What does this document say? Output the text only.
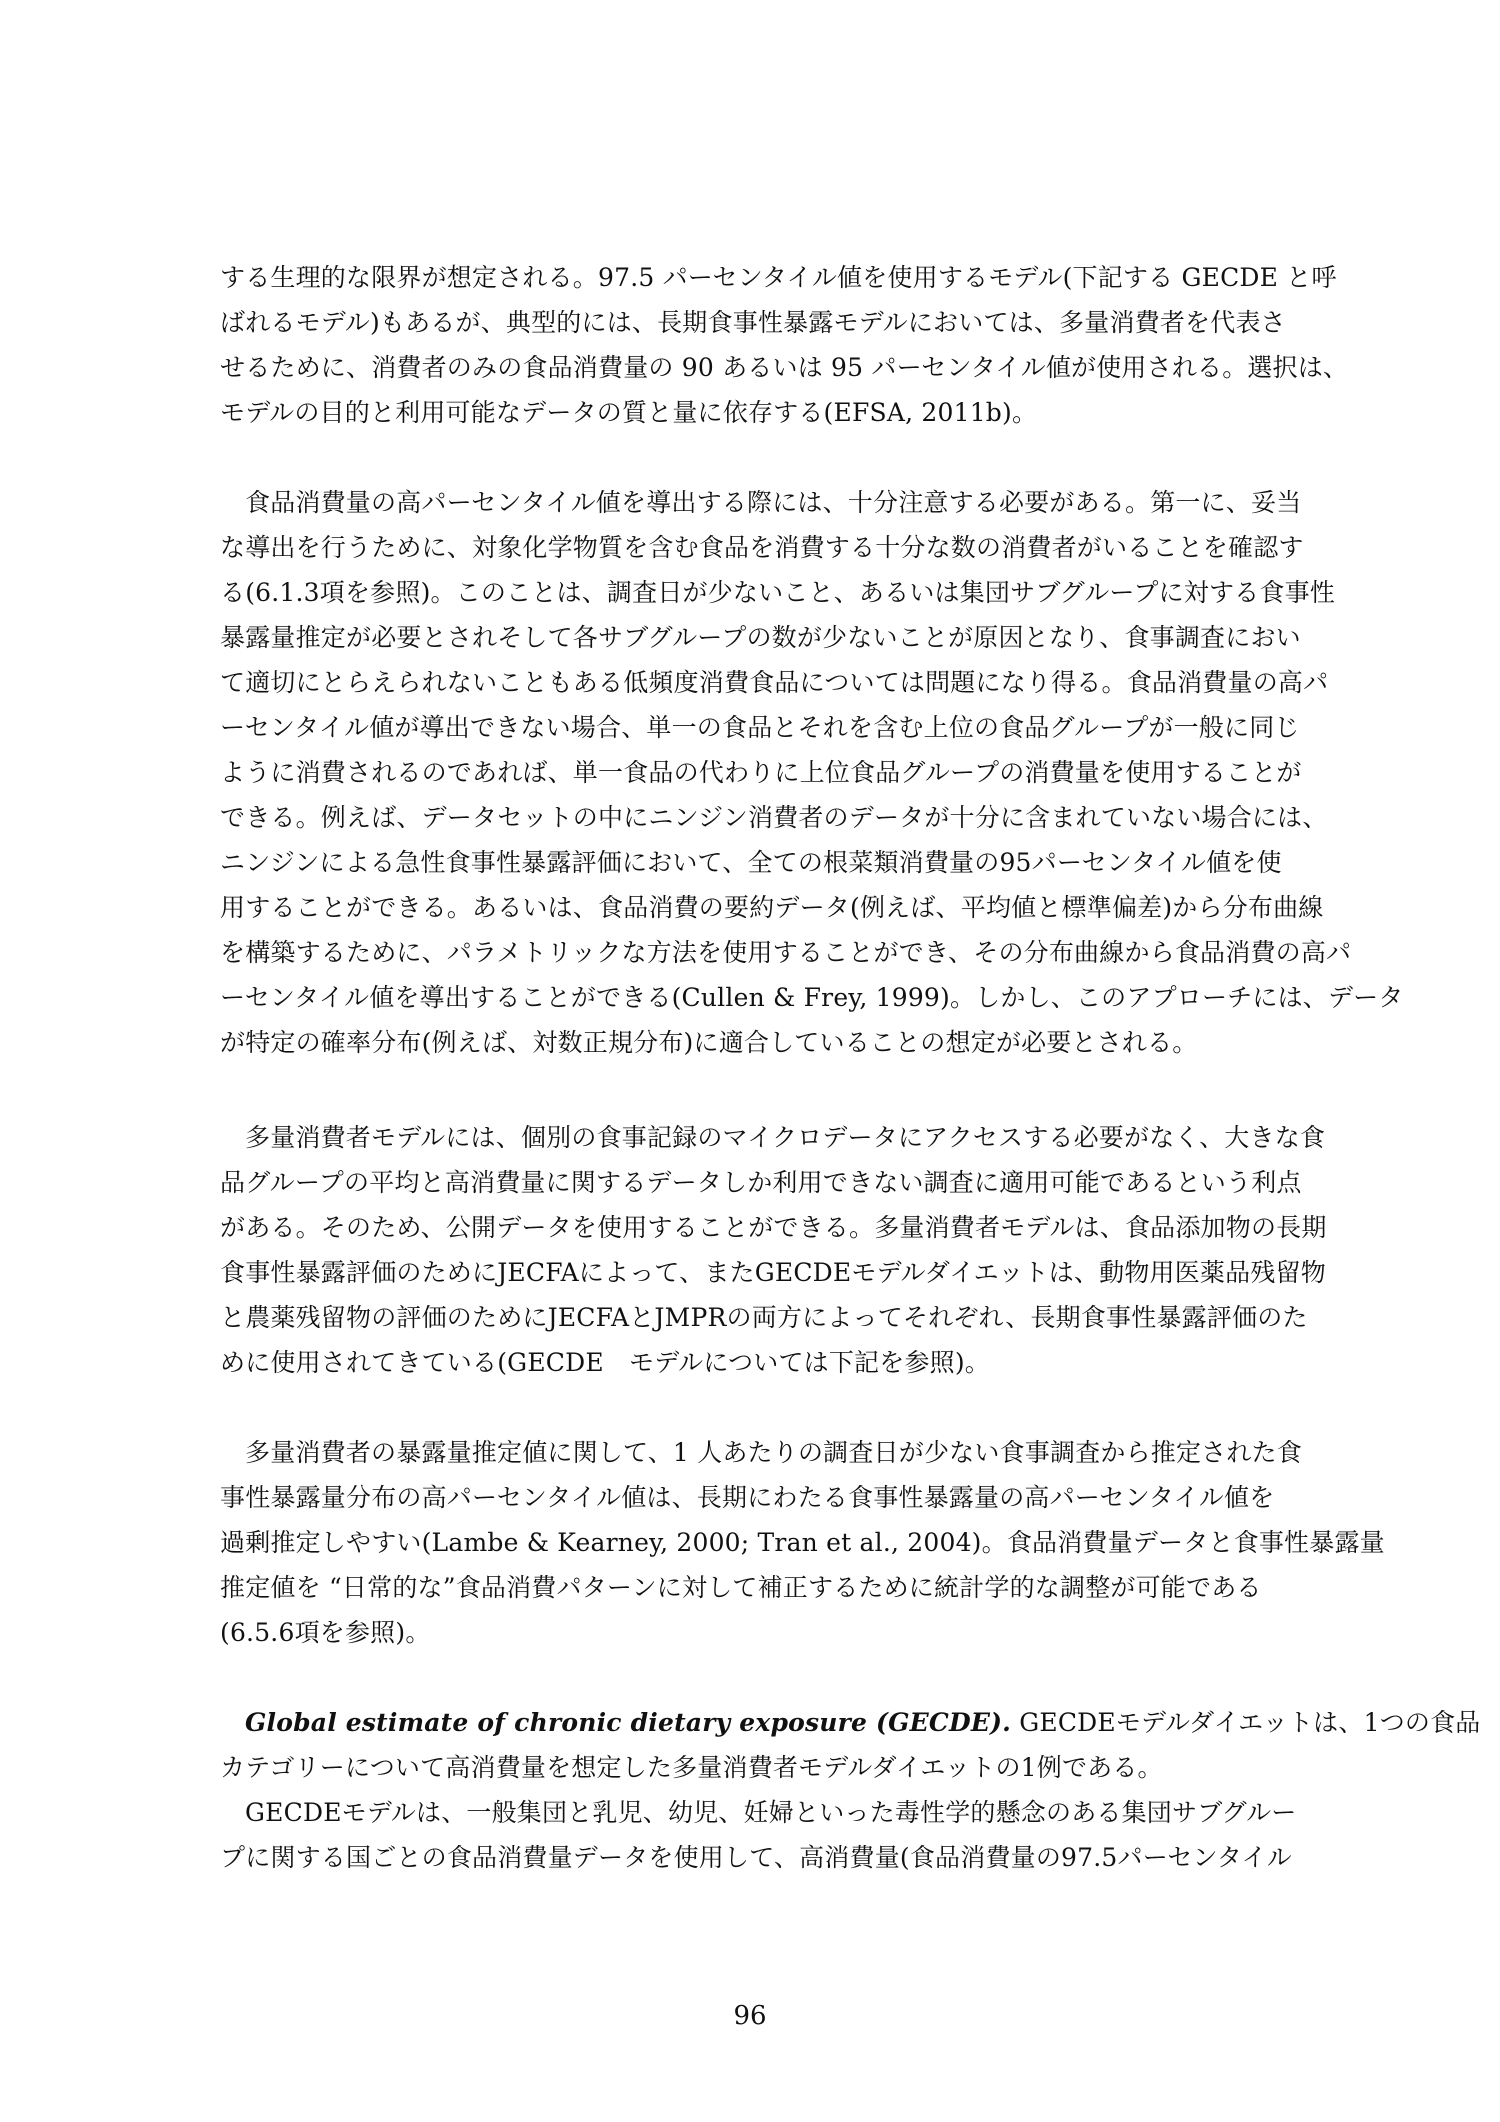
する生理的な限界が想定される。97.5 パーセンタイル値を使用するモデル(下記する GECDE と呼
ばれるモデル)もあるが、典型的には、長期食事性暴露モデルにおいては、多量消費者を代表さ
せるために、消費者のみの食品消費量の 90 あるいは 95 パーセンタイル値が使用される。選択は、
モデルの目的と利用可能なデータの質と量に依存する(EFSA, 2011b)。
食品消費量の高パーセンタイル値を導出する際には、十分注意する必要がある。第一に、妥当
な導出を行うために、対象化学物質を含む食品を消費する十分な数の消費者がいることを確認す
る(6.1.3項を参照)。このことは、調査日が少ないこと、あるいは集団サブグループに対する食事性
暴露量推定が必要とされそして各サブグループの数が少ないことが原因となり、食事調査におい
て適切にとらえられないこともある低頻度消費食品については問題になり得る。食品消費量の高パ
ーセンタイル値が導出できない場合、単一の食品とそれを含む上位の食品グループが一般に同じ
ように消費されるのであれば、単一食品の代わりに上位食品グループの消費量を使用することが
できる。例えば、データセットの中にニンジン消費者のデータが十分に含まれていない場合には、
ニンジンによる急性食事性暴露評価において、全ての根菜類消費量の95パーセンタイル値を使
用することができる。あるいは、食品消費の要約データ(例えば、平均値と標準偏差)から分布曲線
を構築するために、パラメトリックな方法を使用することができ、その分布曲線から食品消費の高パ
ーセンタイル値を導出することができる(Cullen & Frey, 1999)。しかし、このアプローチには、データ
が特定の確率分布(例えば、対数正規分布)に適合していることの想定が必要とされる。
多量消費者モデルには、個別の食事記録のマイクロデータにアクセスする必要がなく、大きな食
品グループの平均と高消費量に関するデータしか利用できない調査に適用可能であるという利点
がある。そのため、公開データを使用することができる。多量消費者モデルは、食品添加物の長期
食事性暴露評価のためにJECFAによって、またGECDEモデルダイエットは、動物用医薬品残留物
と農薬残留物の評価のためにJECFAとJMPRの両方によってそれぞれ、長期食事性暴露評価のた
めに使用されてきている(GECDE　モデルについては下記を参照)。
多量消費者の暴露量推定値に関して、1 人あたりの調査日が少ない食事調査から推定された食
事性暴露量分布の高パーセンタイル値は、長期にわたる食事性暴露量の高パーセンタイル値を
過剰推定しやすい(Lambe & Kearney, 2000; Tran et al., 2004)。食品消費量データと食事性暴露量
推定値を “日常的な”食品消費パターンに対して補正するために統計学的な調整が可能である
(6.5.6項を参照)。
Global estimate of chronic dietary exposure (GECDE). GECDEモデルダイエットは、1つの食品
カテゴリーについて高消費量を想定した多量消費者モデルダイエットの1例である。
GECDEモデルは、一般集団と乳児、幼児、妊婦といった毒性学的懸念のある集団サブグルー
プに関する国ごとの食品消費量データを使用して、高消費量(食品消費量の97.5パーセンタイル
96
